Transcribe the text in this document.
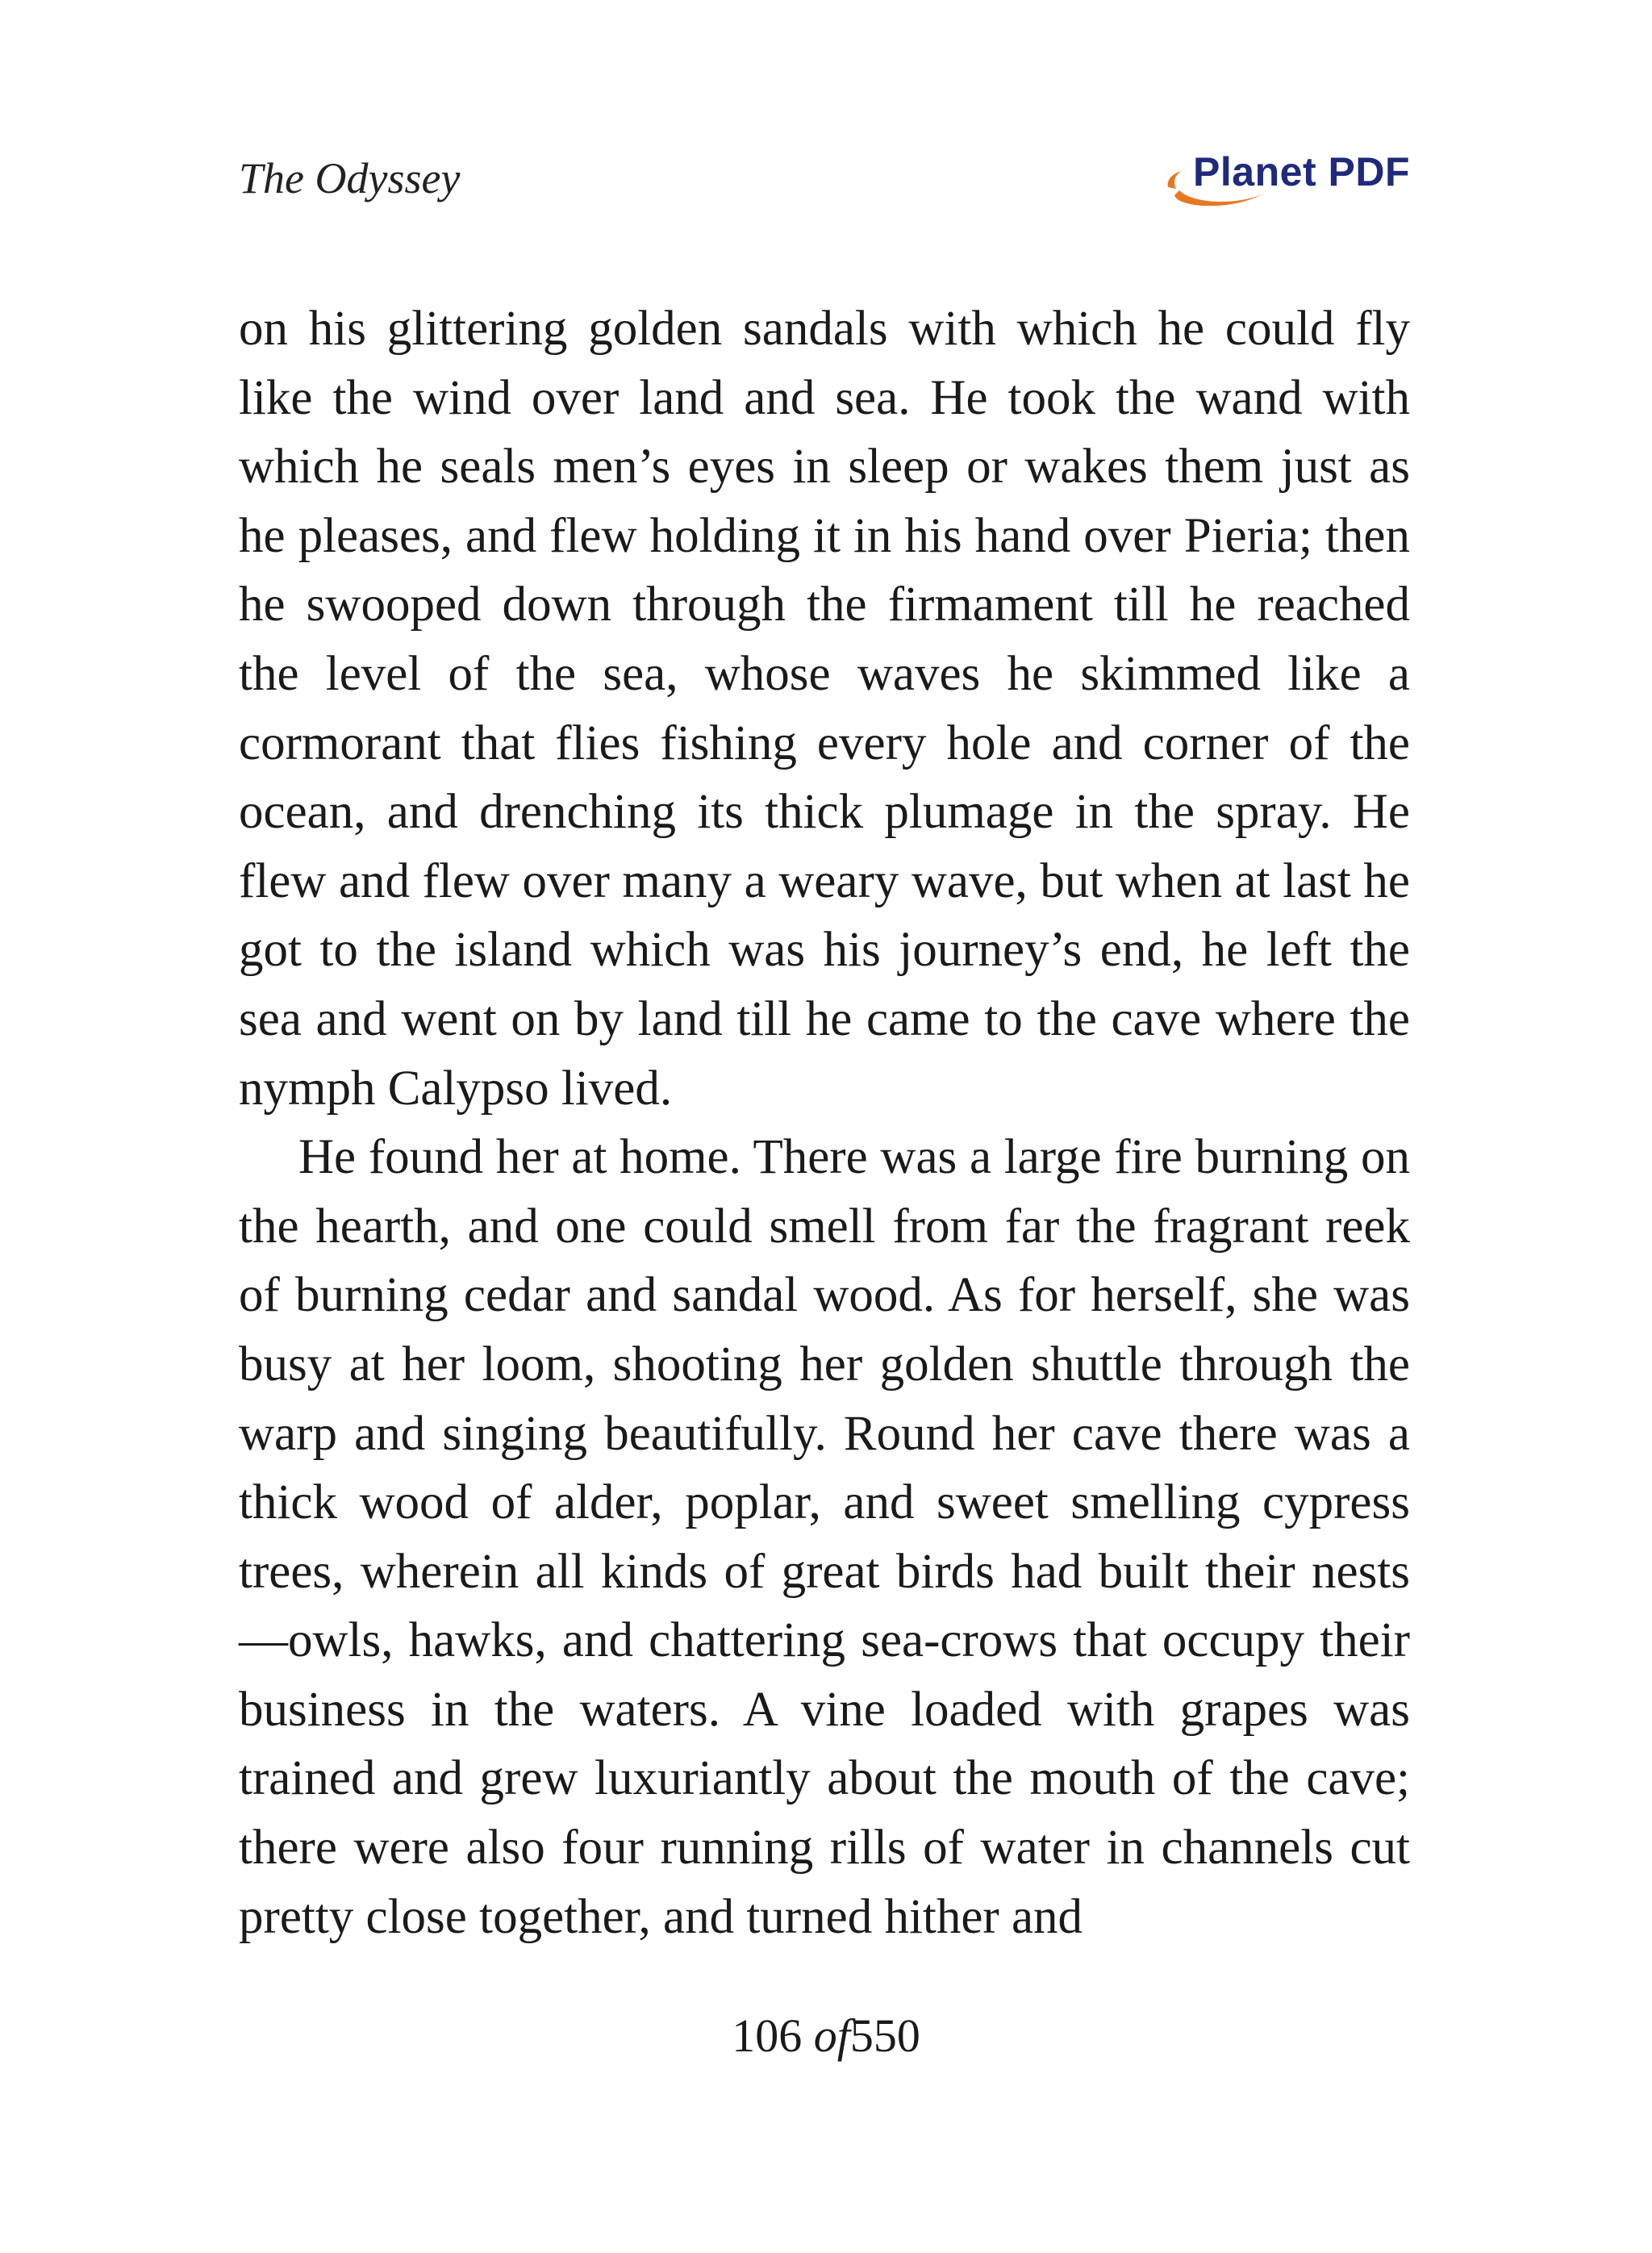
The Odyssey	Planet PDF

on his glittering golden sandals with which he could fly like the wind over land and sea. He took the wand with which he seals men’s eyes in sleep or wakes them just as he pleases, and flew holding it in his hand over Pieria; then he swooped down through the firmament till he reached the level of the sea, whose waves he skimmed like a cormorant that flies fishing every hole and corner of the ocean, and drenching its thick plumage in the spray. He flew and flew over many a weary wave, but when at last he got to the island which was his journey’s end, he left the sea and went on by land till he came to the cave where the nymph Calypso lived.

He found her at home. There was a large fire burning on the hearth, and one could smell from far the fragrant reek of burning cedar and sandal wood. As for herself, she was busy at her loom, shooting her golden shuttle through the warp and singing beautifully. Round her cave there was a thick wood of alder, poplar, and sweet smelling cypress trees, wherein all kinds of great birds had built their nests—owls, hawks, and chattering sea-crows that occupy their business in the waters. A vine loaded with grapes was trained and grew luxuriantly about the mouth of the cave; there were also four running rills of water in channels cut pretty close together, and turned hither and

106 of550
